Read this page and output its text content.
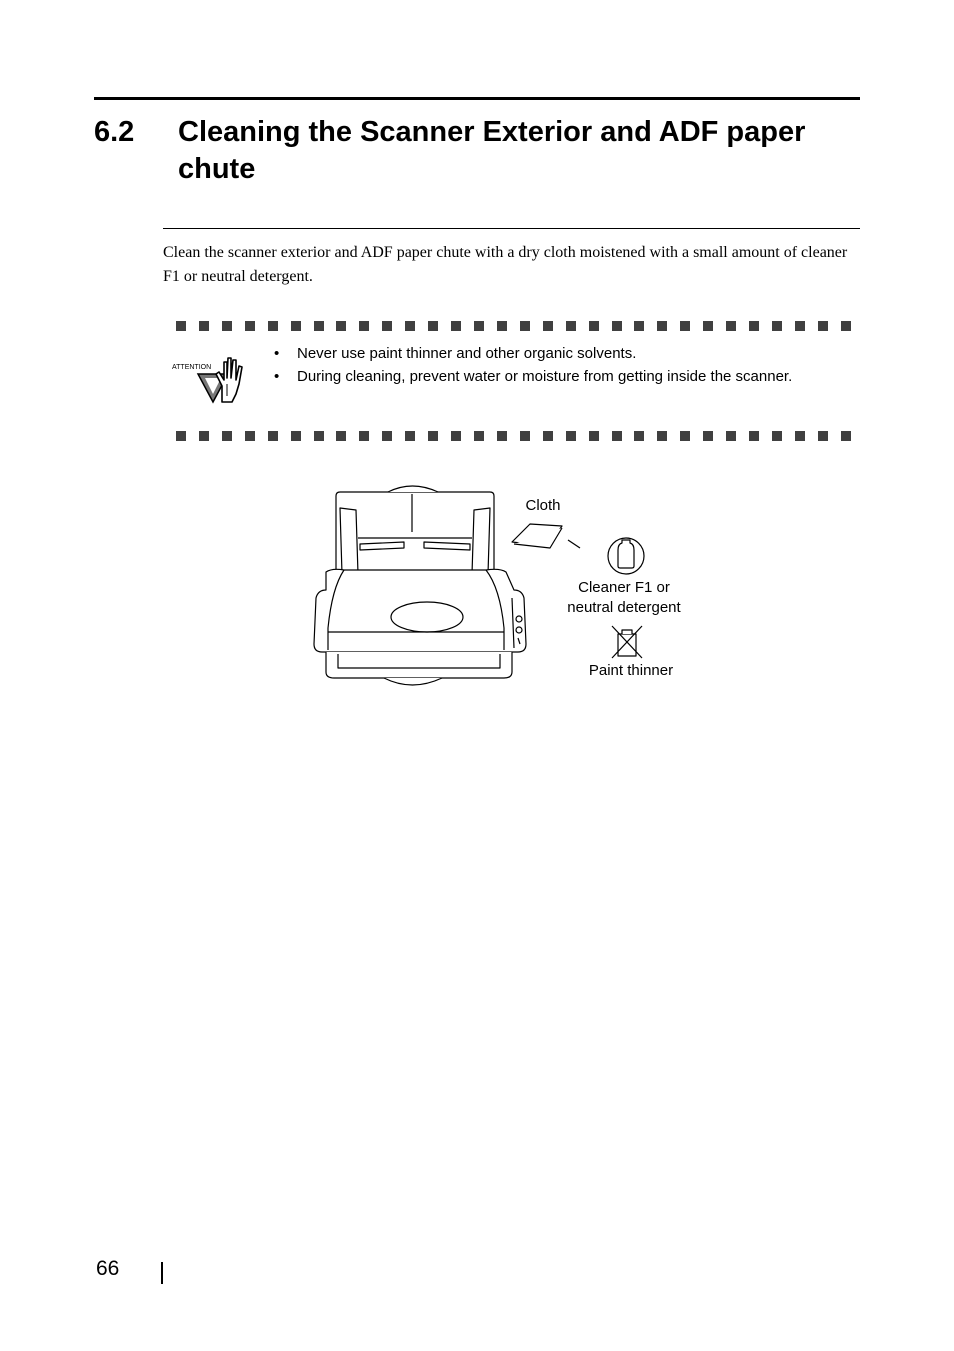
6.2 Cleaning the Scanner Exterior and ADF paper chute

Clean the scanner exterior and ADF paper chute with a dry cloth moistened with a small amount of cleaner F1 or neutral detergent.

ATTENTION
• Never use paint thinner and other organic solvents.
• During cleaning, prevent water or moisture from getting inside the scanner.
Cloth
Cleaner F1 or
neutral detergent
Paint thinner
66
